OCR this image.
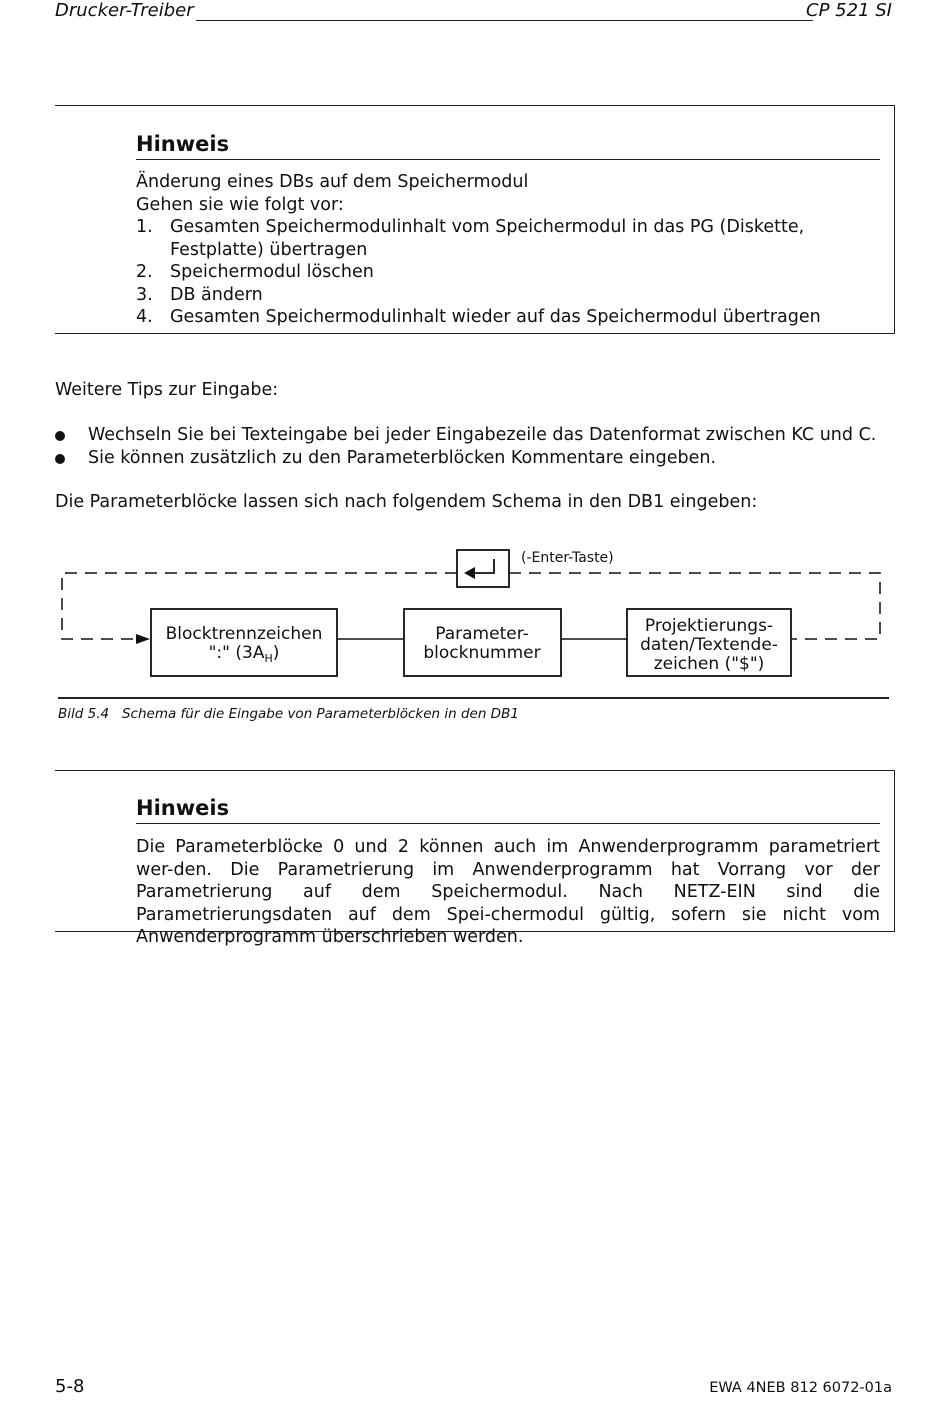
Drucker-Treiber	CP 521 SI
Hinweis
Änderung eines DBs auf dem Speichermodul
Gehen sie wie folgt vor:
1. Gesamten Speichermodulinhalt vom Speichermodul in das PG (Diskette, Festplatte) übertragen
2. Speichermodul löschen
3. DB ändern
4. Gesamten Speichermodulinhalt wieder auf das Speichermodul übertragen
Weitere Tips zur Eingabe:
Wechseln Sie bei Texteingabe bei jeder Eingabezeile das Datenformat zwischen KC und C.
Sie können zusätzlich zu den Parameterblöcken Kommentare eingeben.
Die Parameterblöcke lassen sich nach folgendem Schema in den DB1 eingeben:
(-Enter-Taste)
Blocktrennzeichen
":" $(3A_H)$
Parameter-
blocknummer
Projektierungs-
daten/Textende-
zeichen ("$")
Bild 5.4   Schema für die Eingabe von Parameterblöcken in den DB1
Hinweis
Die Parameterblöcke 0 und 2 können auch im Anwenderprogramm parametriert wer-den. Die Parametrierung im Anwenderprogramm hat Vorrang vor der Parametrierung auf dem Speichermodul. Nach NETZ-EIN sind die Parametrierungsdaten auf dem Spei-chermodul gültig, sofern sie nicht vom Anwenderprogramm überschrieben werden.
5-8	EWA 4NEB 812 6072-01a
